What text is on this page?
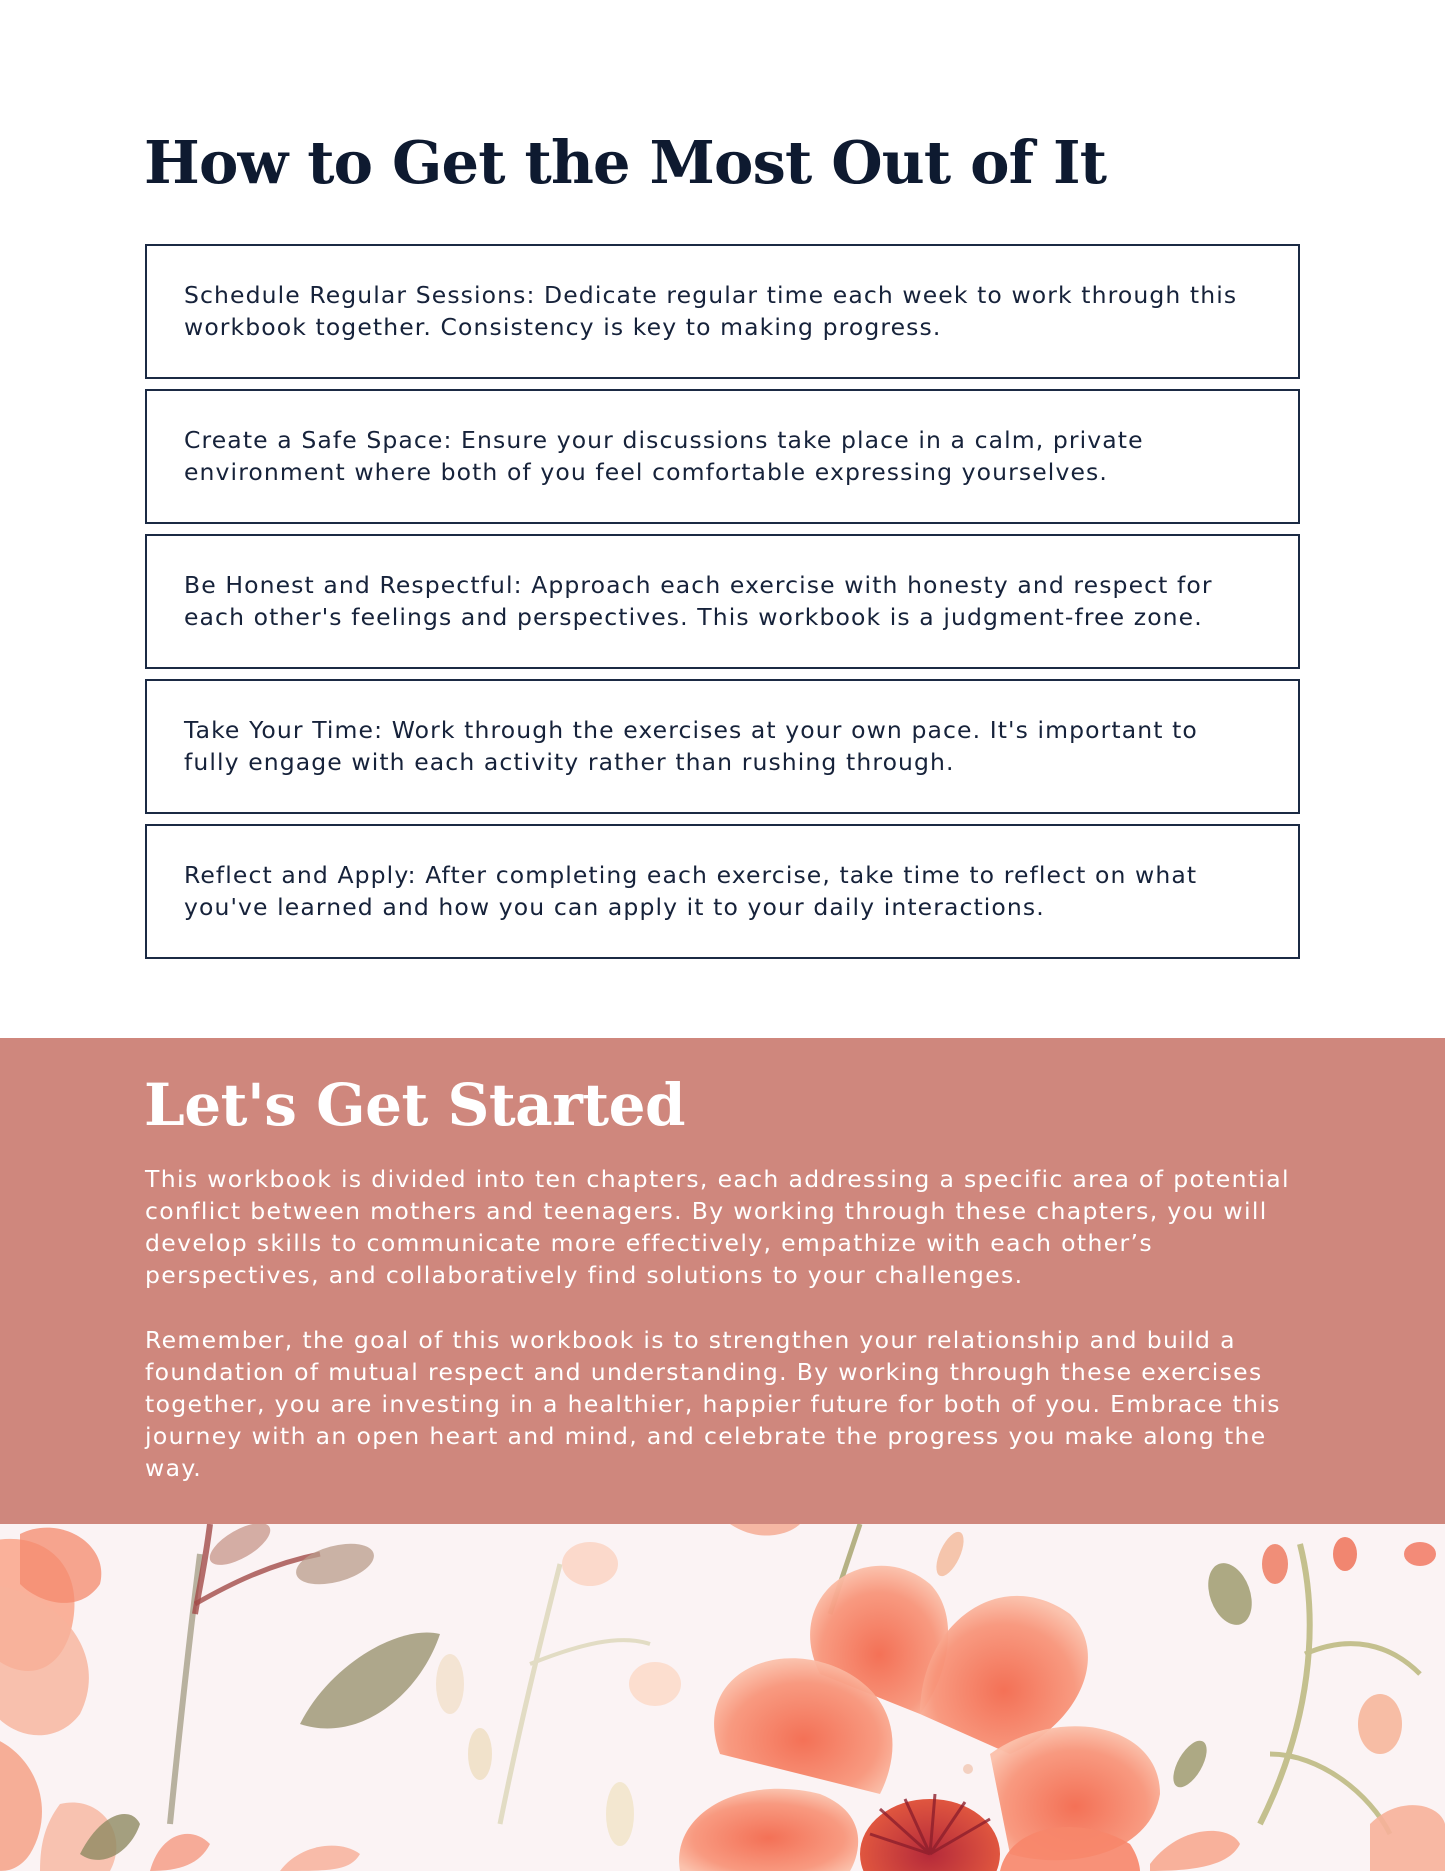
How to Get the Most Out of It

Schedule Regular Sessions: Dedicate regular time each week to work through this workbook together. Consistency is key to making progress.

Create a Safe Space: Ensure your discussions take place in a calm, private environment where both of you feel comfortable expressing yourselves.

Be Honest and Respectful: Approach each exercise with honesty and respect for each other's feelings and perspectives. This workbook is a judgment-free zone.

Take Your Time: Work through the exercises at your own pace. It's important to fully engage with each activity rather than rushing through.

Reflect and Apply: After completing each exercise, take time to reflect on what you've learned and how you can apply it to your daily interactions.

Let's Get Started

This workbook is divided into ten chapters, each addressing a specific area of potential conflict between mothers and teenagers. By working through these chapters, you will develop skills to communicate more effectively, empathize with each other’s perspectives, and collaboratively find solutions to your challenges.

Remember, the goal of this workbook is to strengthen your relationship and build a foundation of mutual respect and understanding. By working through these exercises together, you are investing in a healthier, happier future for both of you. Embrace this journey with an open heart and mind, and celebrate the progress you make along the way.
